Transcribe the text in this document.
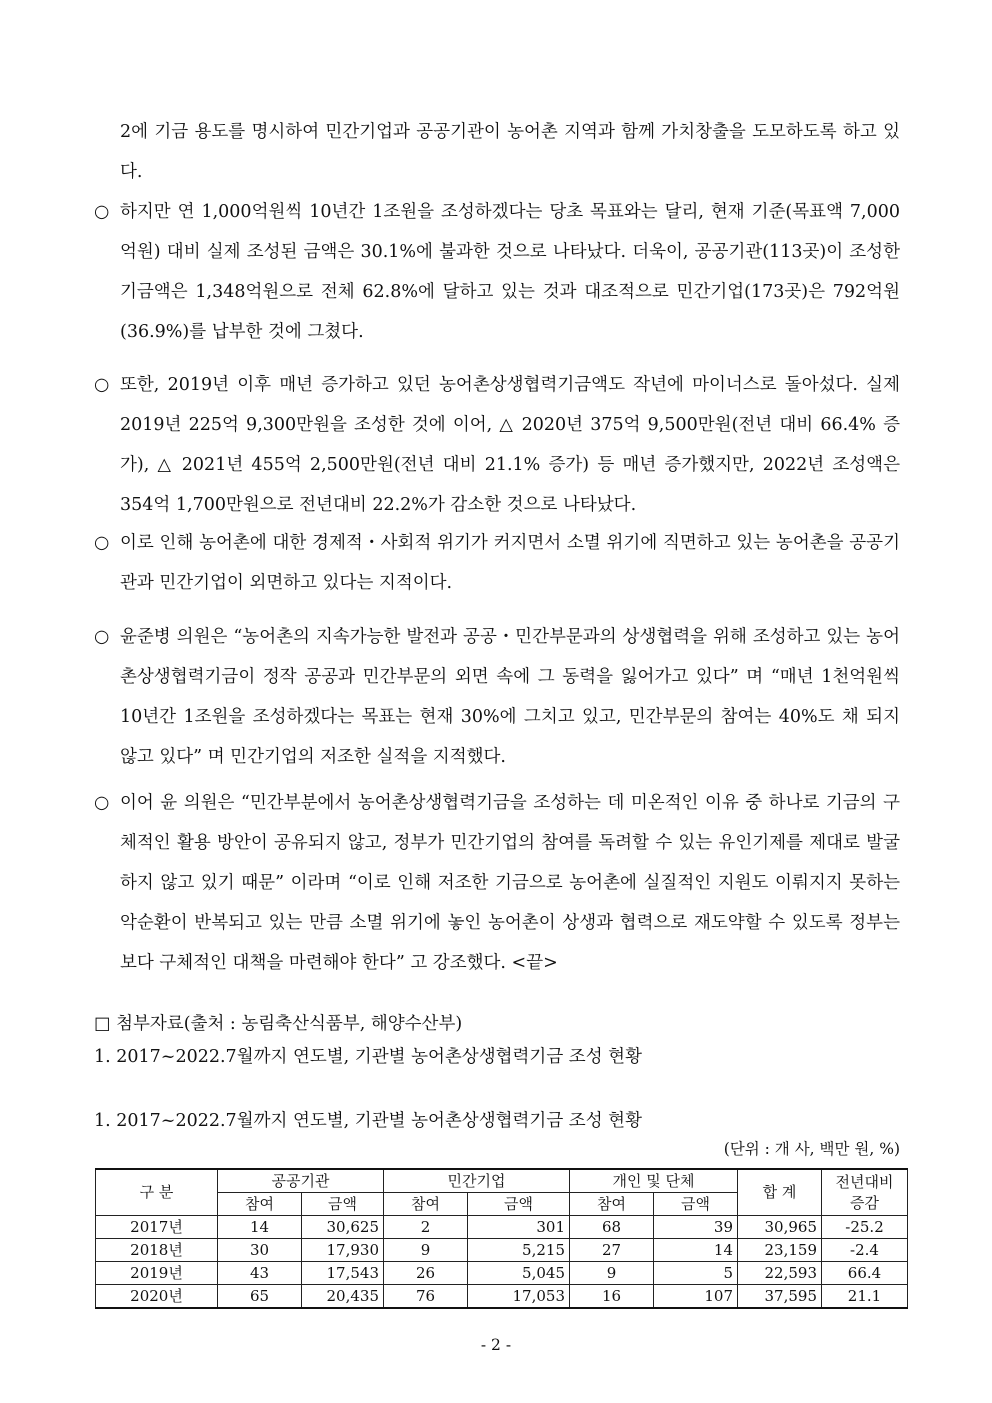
2에 기금 용도를 명시하여 민간기업과 공공기관이 농어촌 지역과 함께 가치창출을 도모하도록 하고 있다.
○ 하지만 연 1,000억원씩 10년간 1조원을 조성하겠다는 당초 목표와는 달리, 현재 기준(목표액 7,000억원) 대비 실제 조성된 금액은 30.1%에 불과한 것으로 나타났다. 더욱이, 공공기관(113곳)이 조성한 기금액은 1,348억원으로 전체 62.8%에 달하고 있는 것과 대조적으로 민간기업(173곳)은 792억원(36.9%)를 납부한 것에 그쳤다.
○ 또한, 2019년 이후 매년 증가하고 있던 농어촌상생협력기금액도 작년에 마이너스로 돌아섰다. 실제 2019년 225억 9,300만원을 조성한 것에 이어, △ 2020년 375억 9,500만원(전년 대비 66.4% 증가), △ 2021년 455억 2,500만원(전년 대비 21.1% 증가) 등 매년 증가했지만, 2022년 조성액은 354억 1,700만원으로 전년대비 22.2%가 감소한 것으로 나타났다.
○ 이로 인해 농어촌에 대한 경제적・사회적 위기가 커지면서 소멸 위기에 직면하고 있는 농어촌을 공공기관과 민간기업이 외면하고 있다는 지적이다.
○ 윤준병 의원은 “농어촌의 지속가능한 발전과 공공・민간부문과의 상생협력을 위해 조성하고 있는 농어촌상생협력기금이 정작 공공과 민간부문의 외면 속에 그 동력을 잃어가고 있다” 며 “매년 1천억원씩 10년간 1조원을 조성하겠다는 목표는 현재 30%에 그치고 있고, 민간부문의 참여는 40%도 채 되지 않고 있다” 며 민간기업의 저조한 실적을 지적했다.
○ 이어 윤 의원은 “민간부분에서 농어촌상생협력기금을 조성하는 데 미온적인 이유 중 하나로 기금의 구체적인 활용 방안이 공유되지 않고, 정부가 민간기업의 참여를 독려할 수 있는 유인기제를 제대로 발굴하지 않고 있기 때문” 이라며 “이로 인해 저조한 기금으로 농어촌에 실질적인 지원도 이뤄지지 못하는 악순환이 반복되고 있는 만큼 소멸 위기에 놓인 농어촌이 상생과 협력으로 재도약할 수 있도록 정부는 보다 구체적인 대책을 마련해야 한다” 고 강조했다. <끝>
□ 첨부자료(출처 : 농림축산식품부, 해양수산부)
1. 2017~2022.7월까지 연도별, 기관별 농어촌상생협력기금 조성 현황
1. 2017~2022.7월까지 연도별, 기관별 농어촌상생협력기금 조성 현황
(단위 : 개 사, 백만 원, %)
구 분	공공기관		민간기업		개인 및 단체		합 계	전년대비 증감
	참여	금액	참여	금액	참여	금액		
2017년	14	30,625	2	301	68	39	30,965	-25.2
2018년	30	17,930	9	5,215	27	14	23,159	-2.4
2019년	43	17,543	26	5,045	9	5	22,593	66.4
2020년	65	20,435	76	17,053	16	107	37,595	21.1
- 2 -
